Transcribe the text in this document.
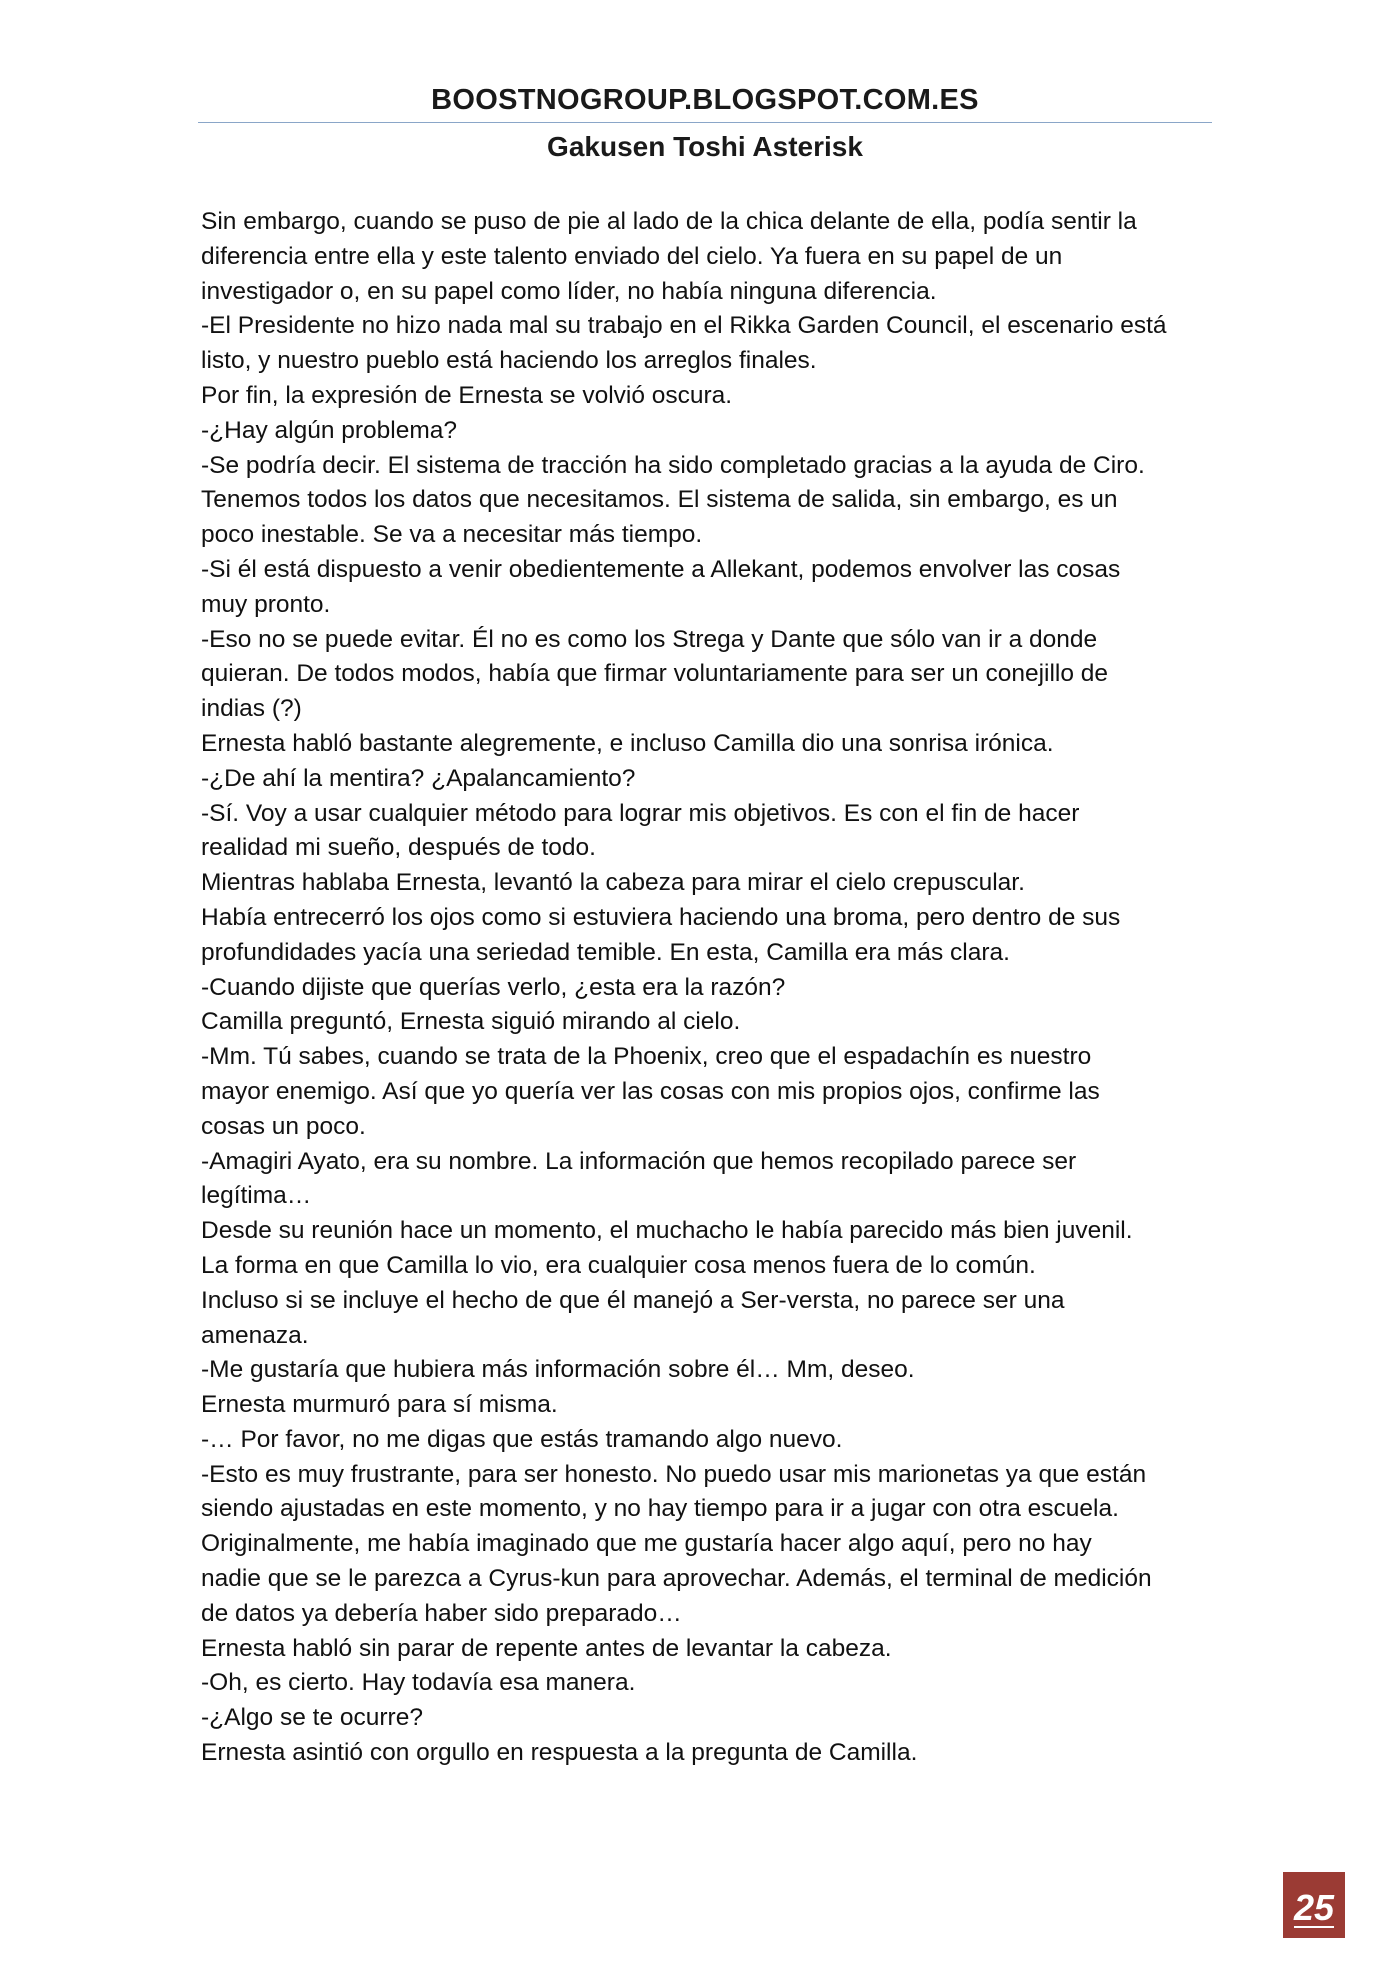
BOOSTNOGROUP.BLOGSPOT.COM.ES

Gakusen Toshi Asterisk

Sin embargo, cuando se puso de pie al lado de la chica delante de ella, podía sentir la
diferencia entre ella y este talento enviado del cielo. Ya fuera en su papel de un
investigador o, en su papel como líder, no había ninguna diferencia.
-El Presidente no hizo nada mal su trabajo en el Rikka Garden Council, el escenario está
listo, y nuestro pueblo está haciendo los arreglos finales.
Por fin, la expresión de Ernesta se volvió oscura.
-¿Hay algún problema?
-Se podría decir. El sistema de tracción ha sido completado gracias a la ayuda de Ciro.
Tenemos todos los datos que necesitamos. El sistema de salida, sin embargo, es un
poco inestable. Se va a necesitar más tiempo.
-Si él está dispuesto a venir obedientemente a Allekant, podemos envolver las cosas
muy pronto.
-Eso no se puede evitar. Él no es como los Strega y Dante que sólo van ir a donde
quieran. De todos modos, había que firmar voluntariamente para ser un conejillo de
indias (?)
Ernesta habló bastante alegremente, e incluso Camilla dio una sonrisa irónica.
-¿De ahí la mentira? ¿Apalancamiento?
-Sí. Voy a usar cualquier método para lograr mis objetivos. Es con el fin de hacer
realidad mi sueño, después de todo.
Mientras hablaba Ernesta, levantó la cabeza para mirar el cielo crepuscular.
Había entrecerró los ojos como si estuviera haciendo una broma, pero dentro de sus
profundidades yacía una seriedad temible. En esta, Camilla era más clara.
-Cuando dijiste que querías verlo, ¿esta era la razón?
Camilla preguntó, Ernesta siguió mirando al cielo.
-Mm. Tú sabes, cuando se trata de la Phoenix, creo que el espadachín es nuestro
mayor enemigo. Así que yo quería ver las cosas con mis propios ojos, confirme las
cosas un poco.
-Amagiri Ayato, era su nombre. La información que hemos recopilado parece ser
legítima…
Desde su reunión hace un momento, el muchacho le había parecido más bien juvenil.
La forma en que Camilla lo vio, era cualquier cosa menos fuera de lo común.
Incluso si se incluye el hecho de que él manejó a Ser-versta, no parece ser una
amenaza.
-Me gustaría que hubiera más información sobre él… Mm, deseo.
Ernesta murmuró para sí misma.
-… Por favor, no me digas que estás tramando algo nuevo.
-Esto es muy frustrante, para ser honesto. No puedo usar mis marionetas ya que están
siendo ajustadas en este momento, y no hay tiempo para ir a jugar con otra escuela.
Originalmente, me había imaginado que me gustaría hacer algo aquí, pero no hay
nadie que se le parezca a Cyrus-kun para aprovechar. Además, el terminal de medición
de datos ya debería haber sido preparado…
Ernesta habló sin parar de repente antes de levantar la cabeza.
-Oh, es cierto. Hay todavía esa manera.
-¿Algo se te ocurre?
Ernesta asintió con orgullo en respuesta a la pregunta de Camilla.
25
